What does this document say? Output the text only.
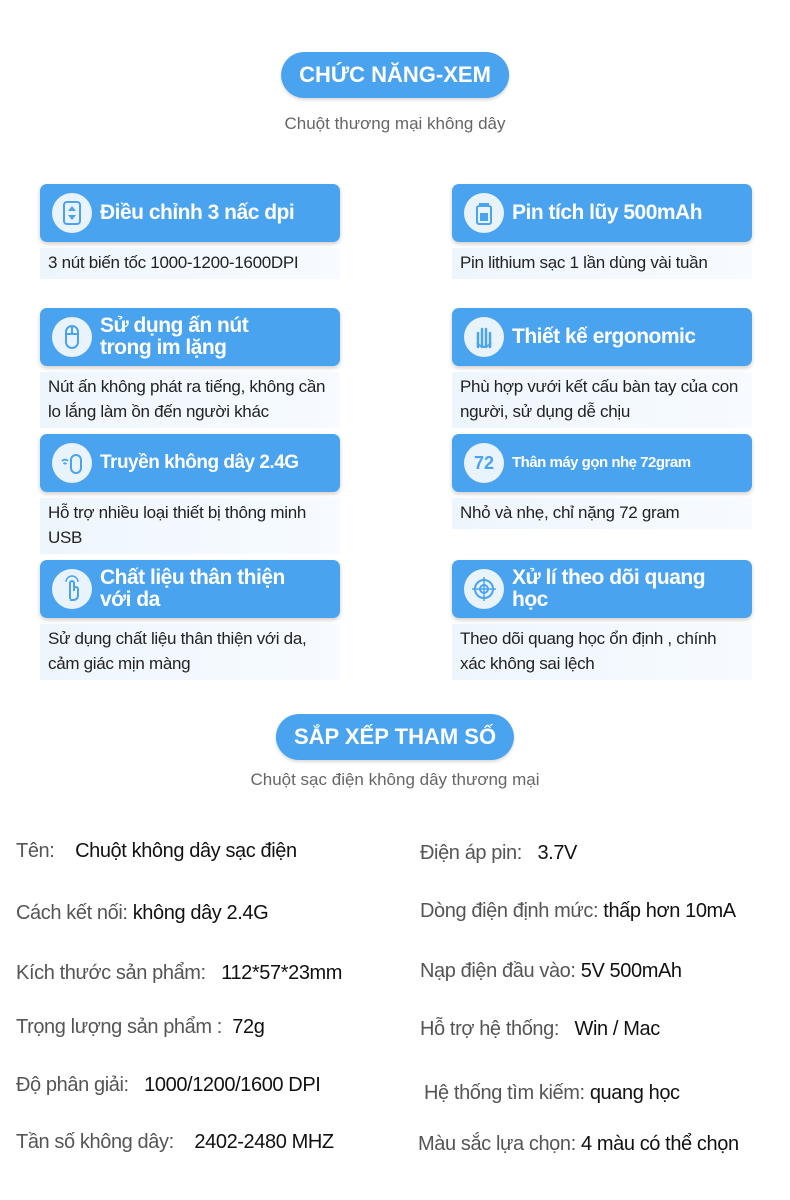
CHỨC NĂNG-XEM
Chuột thương mại không dây
Điều chỉnh 3 nấc dpi
3 nút biến tốc 1000-1200-1600DPI
Pin tích lũy 500mAh
Pin lithium sạc 1 lần dùng vài tuần
Sử dụng ấn nút trong im lặng
Nút ấn không phát ra tiếng, không cần lo lắng làm ồn đến người khác
Thiết kế ergonomic
Phù hợp vưới kết cấu bàn tay của con người, sử dụng dễ chịu
Truyền không dây 2.4G
Hỗ trợ nhiều loại thiết bị thông minh USB
72	Thân máy gọn nhẹ 72gram
Nhỏ và nhẹ, chỉ nặng 72 gram
Chất liệu thân thiện với da
Sử dụng chất liệu thân thiện với da, cảm giác mịn màng
Xử lí theo dõi quang học
Theo dõi quang học ổn định , chính xác không sai lệch
SẮP XẾP THAM SỐ
Chuột sạc điện không dây thương mại
Tên: Chuột không dây sạc điện	Điện áp pin: 3.7V
Cách kết nối: không dây 2.4G	Dòng điện định mức: thấp hơn 10mA
Kích thước sản phẩm: 112*57*23mm	Nạp điện đầu vào: 5V 500mAh
Trọng lượng sản phẩm : 72g	Hỗ trợ hệ thống: Win / Mac
Độ phân giải: 1000/1200/1600 DPI	Hệ thống tìm kiếm: quang học
Tần số không dây: 2402-2480 MHZ	Màu sắc lựa chọn: 4 màu có thể chọn
